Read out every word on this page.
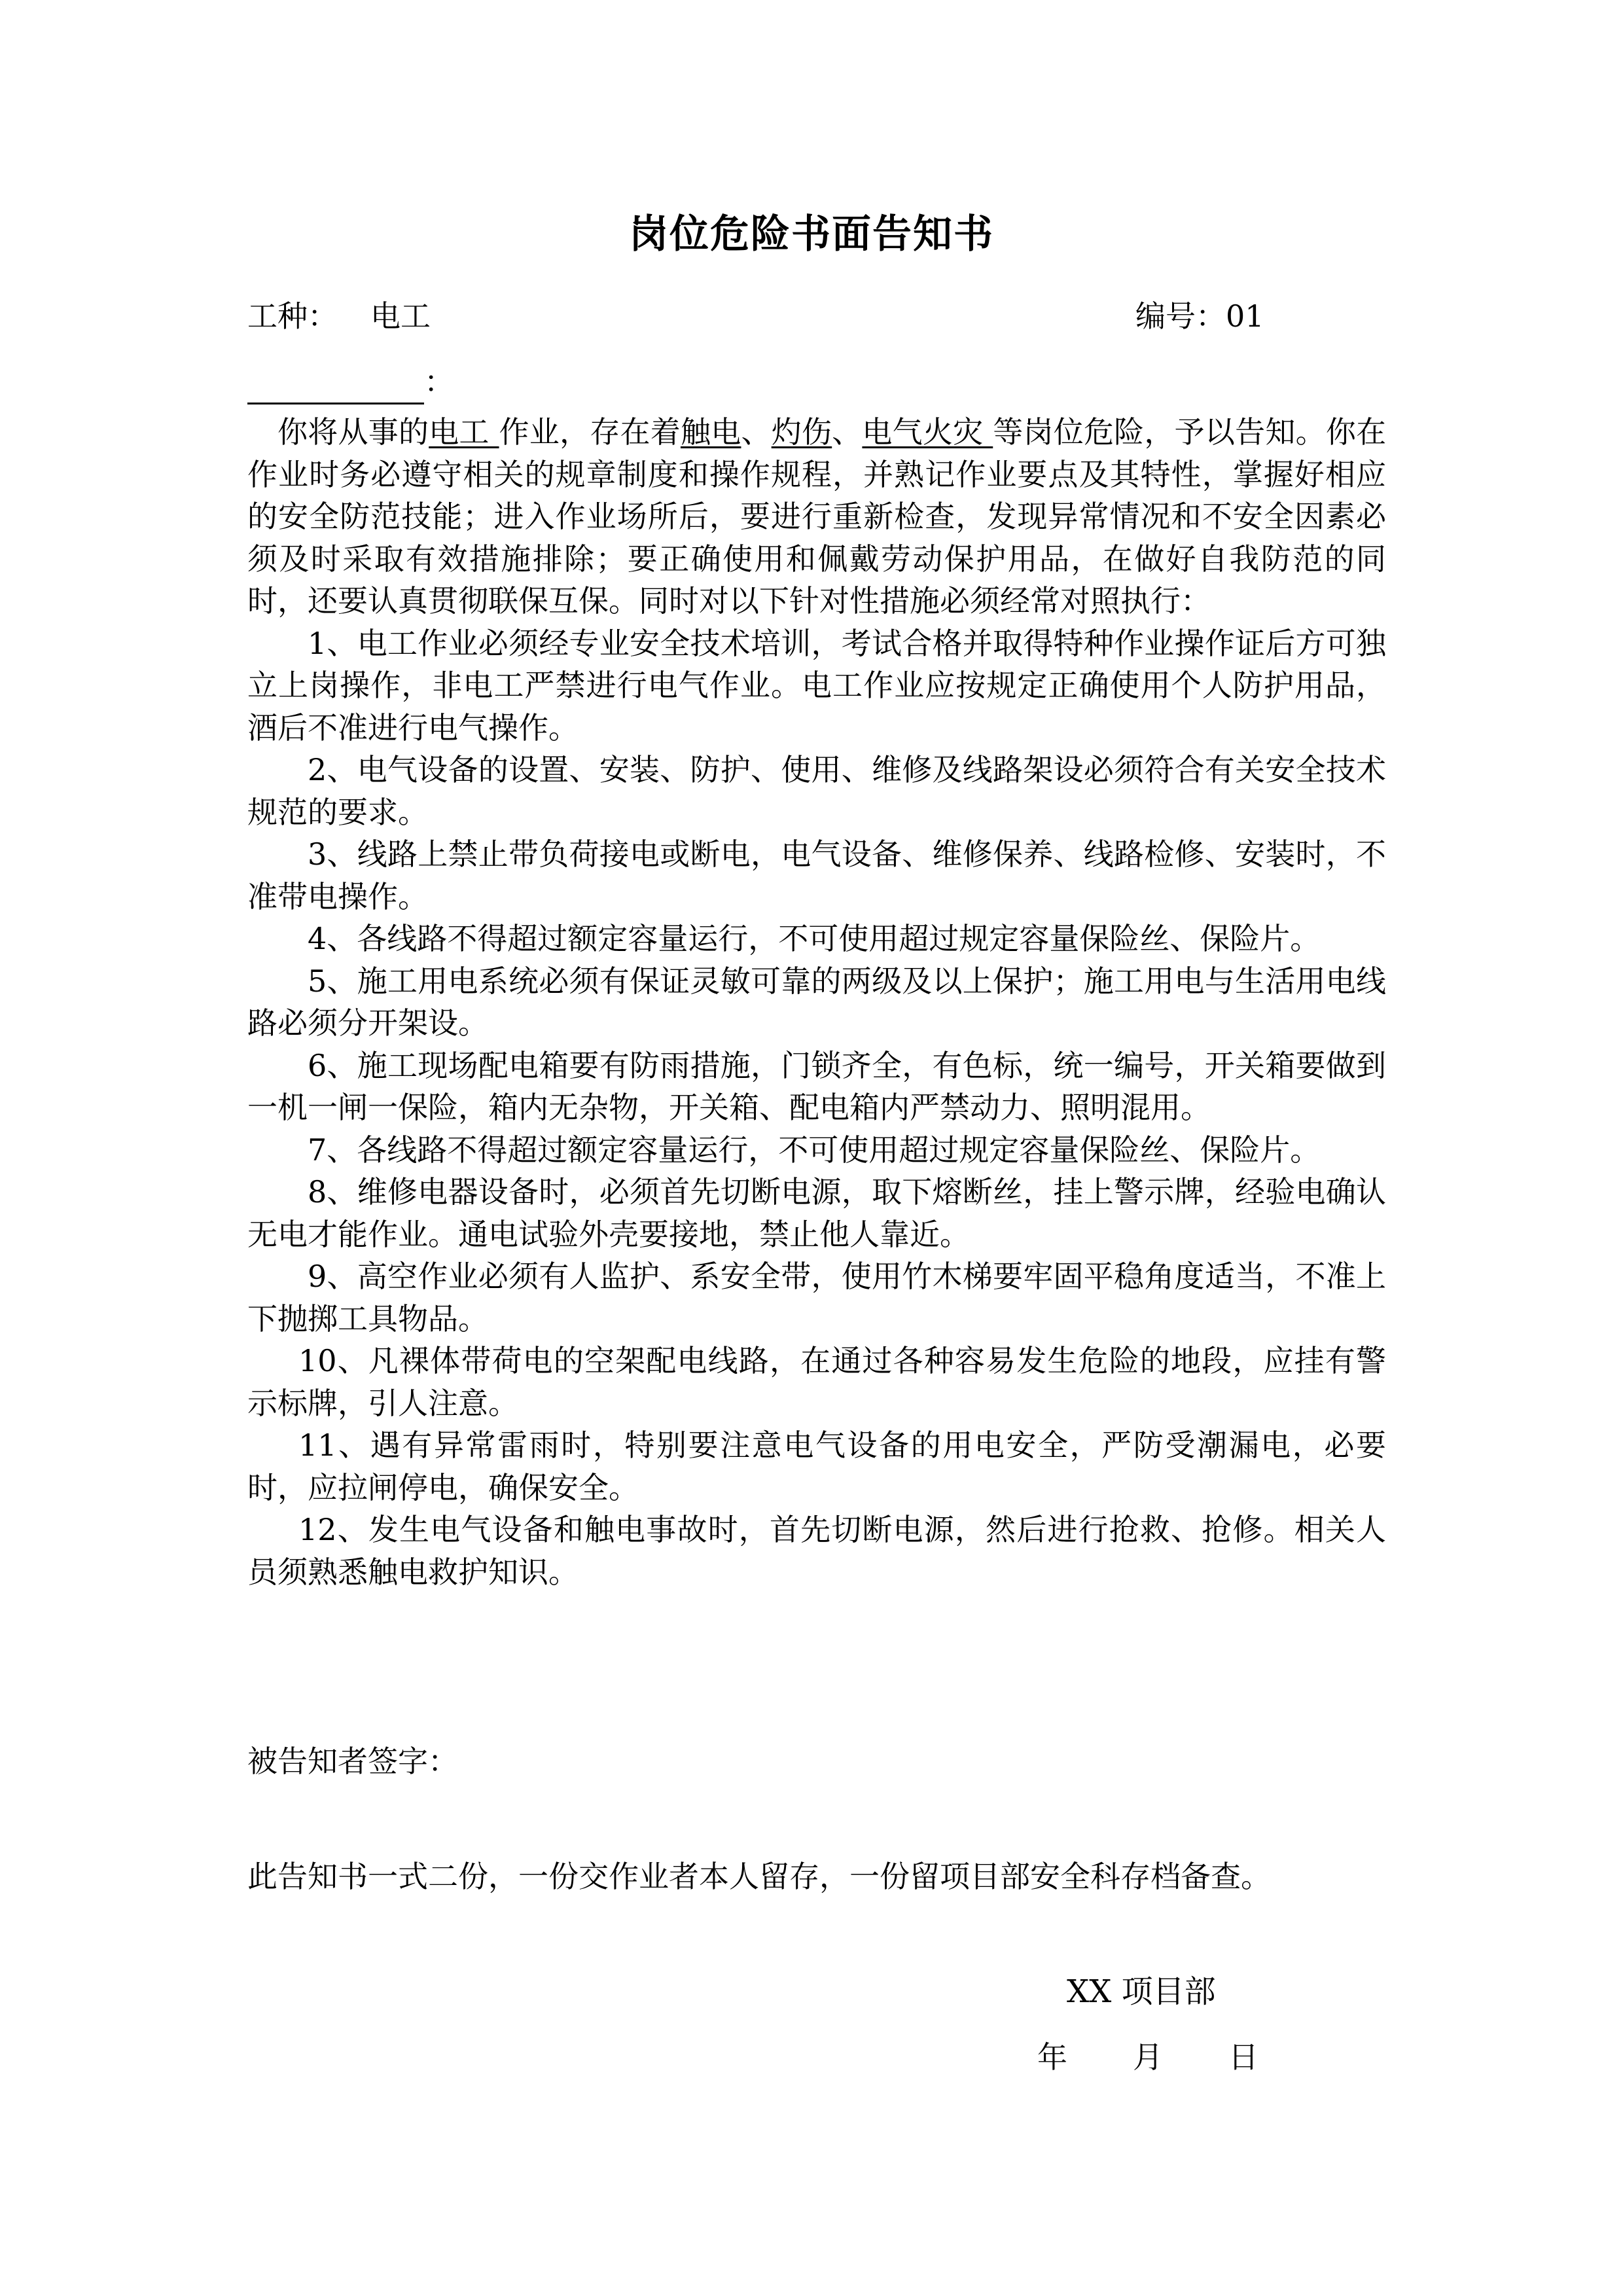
岗位危险书面告知书
工种： 电工	编号：01
：

你将从事的电工 作业，存在着触电、灼伤、电气火灾 等岗位危险，予以告知。你在作业时务必遵守相关的规章制度和操作规程，并熟记作业要点及其特性，掌握好相应的安全防范技能；进入作业场所后，要进行重新检查，发现异常情况和不安全因素必须及时采取有效措施排除；要正确使用和佩戴劳动保护用品，在做好自我防范的同时，还要认真贯彻联保互保。同时对以下针对性措施必须经常对照执行：

1、电工作业必须经专业安全技术培训，考试合格并取得特种作业操作证后方可独立上岗操作，非电工严禁进行电气作业。电工作业应按规定正确使用个人防护用品，酒后不准进行电气操作。

2、电气设备的设置、安装、防护、使用、维修及线路架设必须符合有关安全技术规范的要求。

3、线路上禁止带负荷接电或断电，电气设备、维修保养、线路检修、安装时，不准带电操作。

4、各线路不得超过额定容量运行，不可使用超过规定容量保险丝、保险片。

5、施工用电系统必须有保证灵敏可靠的两级及以上保护；施工用电与生活用电线路必须分开架设。

6、施工现场配电箱要有防雨措施，门锁齐全，有色标，统一编号，开关箱要做到一机一闸一保险，箱内无杂物，开关箱、配电箱内严禁动力、照明混用。

7、各线路不得超过额定容量运行，不可使用超过规定容量保险丝、保险片。

8、维修电器设备时，必须首先切断电源，取下熔断丝，挂上警示牌，经验电确认无电才能作业。通电试验外壳要接地，禁止他人靠近。

9、高空作业必须有人监护、系安全带，使用竹木梯要牢固平稳角度适当，不准上下抛掷工具物品。

10、凡裸体带荷电的空架配电线路，在通过各种容易发生危险的地段，应挂有警示标牌，引人注意。

11、遇有异常雷雨时，特别要注意电气设备的用电安全，严防受潮漏电，必要时，应拉闸停电，确保安全。

12、发生电气设备和触电事故时，首先切断电源，然后进行抢救、抢修。相关人员须熟悉触电救护知识。

被告知者签字：
此告知书一式二份，一份交作业者本人留存，一份留项目部安全科存档备查。
XX 项目部
年 月 日
